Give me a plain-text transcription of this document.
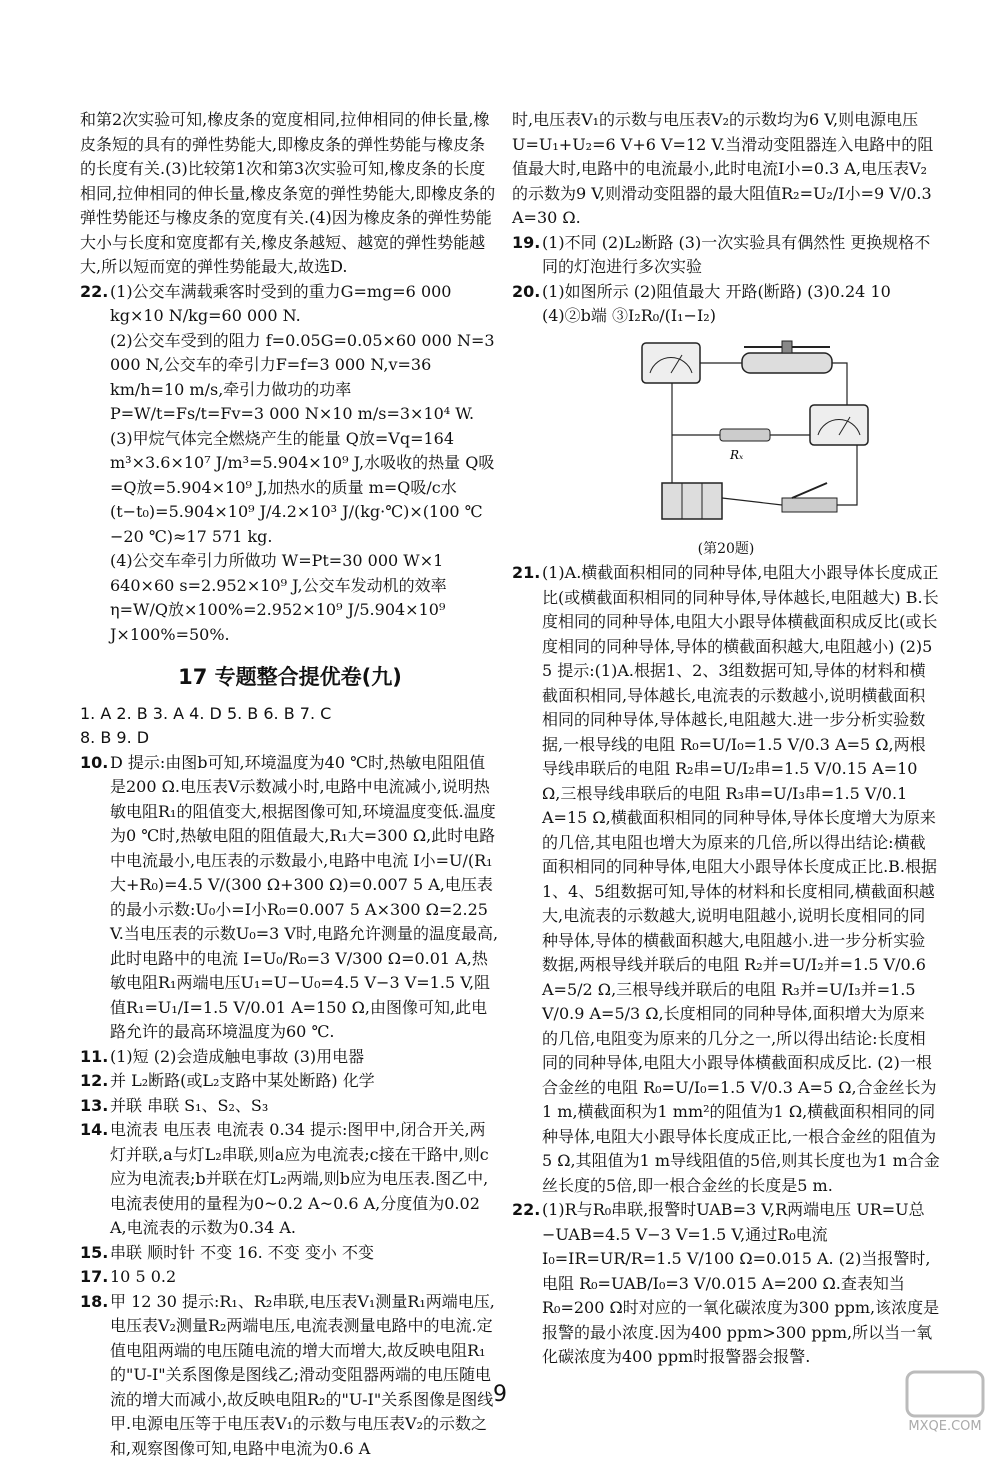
和第2次实验可知,橡皮条的宽度相同,拉伸相同的伸长量,橡皮条短的具有的弹性势能大,即橡皮条的弹性势能与橡皮条的长度有关.(3)比较第1次和第3次实验可知,橡皮条的长度相同,拉伸相同的伸长量,橡皮条宽的弹性势能大,即橡皮条的弹性势能还与橡皮条的宽度有关.(4)因为橡皮条的弹性势能大小与长度和宽度都有关,橡皮条越短、越宽的弹性势能越大,所以短而宽的弹性势能最大,故选D.

22. (1)公交车满载乘客时受到的重力G=mg=6 000 kg×10 N/kg=60 000 N.
(2)公交车受到的阻力 f=0.05G=0.05×60 000 N=3 000 N,公交车的牵引力F=f=3 000 N,v=36 km/h=10 m/s,牵引力做功的功率 P=W/t=Fs/t=Fv=3 000 N×10 m/s=3×10⁴ W.
(3)甲烷气体完全燃烧产生的能量 Q放=Vq=164 m³×3.6×10⁷ J/m³=5.904×10⁹ J,水吸收的热量 Q吸=Q放=5.904×10⁹ J,加热水的质量 m=Q吸/c水(t−t₀)=5.904×10⁹ J/4.2×10³ J/(kg·℃)×(100 ℃−20 ℃)≈17 571 kg.
(4)公交车牵引力所做功 W=Pt=30 000 W×1 640×60 s=2.952×10⁹ J,公交车发动机的效率 η=W/Q放×100%=2.952×10⁹ J/5.904×10⁹ J×100%=50%.
17 专题整合提优卷(九)

1. A 2. B 3. A 4. D 5. B 6. B 7. C

8. B 9. D

10. D 提示:由图b可知,环境温度为40 ℃时,热敏电阻阻值是200 Ω.电压表V示数减小时,电路中电流减小,说明热敏电阻R₁的阻值变大,根据图像可知,环境温度变低.温度为0 ℃时,热敏电阻的阻值最大,R₁大=300 Ω,此时电路中电流最小,电压表的示数最小,电路中电流 I小=U/(R₁大+R₀)=4.5 V/(300 Ω+300 Ω)=0.007 5 A,电压表的最小示数:U₀小=I小R₀=0.007 5 A×300 Ω=2.25 V.当电压表的示数U₀=3 V时,电路允许测量的温度最高,此时电路中的电流 I=U₀/R₀=3 V/300 Ω=0.01 A,热敏电阻R₁两端电压U₁=U−U₀=4.5 V−3 V=1.5 V,阻值R₁=U₁/I=1.5 V/0.01 A=150 Ω,由图像可知,此电路允许的最高环境温度为60 ℃.
11. (1)短 (2)会造成触电事故 (3)用电器
12. 并 L₂断路(或L₂支路中某处断路) 化学
13. 并联 串联 S₁、S₂、S₃
14. 电流表 电压表 电流表 0.34 提示:图甲中,闭合开关,两灯并联,a与灯L₂串联,则a应为电流表;c接在干路中,则c应为电流表;b并联在灯L₂两端,则b应为电压表.图乙中,电流表使用的量程为0~0.2 A~0.6 A,分度值为0.02 A,电流表的示数为0.34 A.
15. 串联 顺时针 不变 16. 不变 变小 不变
17. 10 5 0.2
18. 甲 12 30 提示:R₁、R₂串联,电压表V₁测量R₁两端电压,电压表V₂测量R₂两端电压,电流表测量电路中的电流.定值电阻两端的电压随电流的增大而增大,故反映电阻R₁的"U-I"关系图像是图线乙;滑动变阻器两端的电压随电流的增大而减小,故反映电阻R₂的"U-I"关系图像是图线甲.电源电压等于电压表V₁的示数与电压表V₂的示数之和,观察图像可知,电路中电流为0.6 A

时,电压表V₁的示数与电压表V₂的示数均为6 V,则电源电压U=U₁+U₂=6 V+6 V=12 V.当滑动变阻器连入电路中的阻值最大时,电路中的电流最小,此时电流I小=0.3 A,电压表V₂的示数为9 V,则滑动变阻器的最大阻值R₂=U₂/I小=9 V/0.3 A=30 Ω.

19. (1)不同 (2)L₂断路 (3)一次实验具有偶然性 更换规格不同的灯泡进行多次实验
20. (1)如图所示 (2)阻值最大 开路(断路) (3)0.24 10 (4)②b端 ③I₂R₀/(I₁−I₂)
Rₓ
(第20题)
21. (1)A.横截面积相同的同种导体,电阻大小跟导体长度成正比(或横截面积相同的同种导体,导体越长,电阻越大) B.长度相同的同种导体,电阻大小跟导体横截面积成反比(或长度相同的同种导体,导体的横截面积越大,电阻越小) (2)5 5 提示:(1)A.根据1、2、3组数据可知,导体的材料和横截面积相同,导体越长,电流表的示数越小,说明横截面积相同的同种导体,导体越长,电阻越大.进一步分析实验数据,一根导线的电阻 R₀=U/I₀=1.5 V/0.3 A=5 Ω,两根导线串联后的电阻 R₂串=U/I₂串=1.5 V/0.15 A=10 Ω,三根导线串联后的电阻 R₃串=U/I₃串=1.5 V/0.1 A=15 Ω,横截面积相同的同种导体,导体长度增大为原来的几倍,其电阻也增大为原来的几倍,所以得出结论:横截面积相同的同种导体,电阻大小跟导体长度成正比.B.根据1、4、5组数据可知,导体的材料和长度相同,横截面积越大,电流表的示数越大,说明电阻越小,说明长度相同的同种导体,导体的横截面积越大,电阻越小.进一步分析实验数据,两根导线并联后的电阻 R₂并=U/I₂并=1.5 V/0.6 A=5/2 Ω,三根导线并联后的电阻 R₃并=U/I₃并=1.5 V/0.9 A=5/3 Ω,长度相同的同种导体,面积增大为原来的几倍,电阻变为原来的几分之一,所以得出结论:长度相同的同种导体,电阻大小跟导体横截面积成反比. (2)一根合金丝的电阻 R₀=U/I₀=1.5 V/0.3 A=5 Ω,合金丝长为1 m,横截面积为1 mm²的阻值为1 Ω,横截面积相同的同种导体,电阻大小跟导体长度成正比,一根合金丝的阻值为5 Ω,其阻值为1 m导线阻值的5倍,则其长度也为1 m合金丝长度的5倍,即一根合金丝的长度是5 m.
22. (1)R与R₀串联,报警时UAB=3 V,R两端电压 UR=U总−UAB=4.5 V−3 V=1.5 V,通过R₀电流 I₀=IR=UR/R=1.5 V/100 Ω=0.015 A. (2)当报警时,电阻 R₀=UAB/I₀=3 V/0.015 A=200 Ω.查表知当R₀=200 Ω时对应的一氧化碳浓度为300 ppm,该浓度是报警的最小浓度.因为400 ppm>300 ppm,所以当一氧化碳浓度为400 ppm时报警器会报警.
9
MXQE.COM
